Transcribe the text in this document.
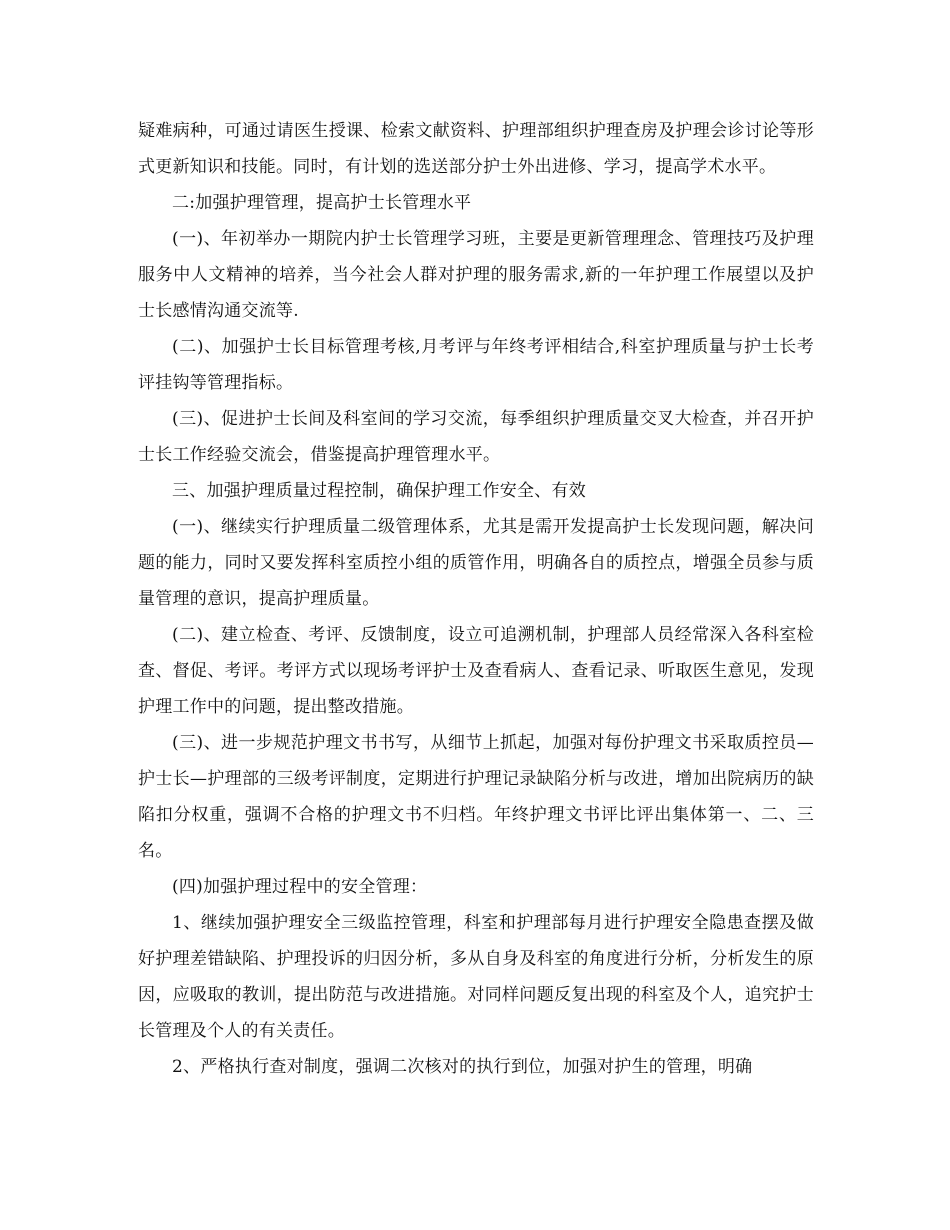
疑难病种，可通过请医生授课、检索文献资料、护理部组织护理查房及护理会诊讨论等形式更新知识和技能。同时，有计划的选送部分护士外出进修、学习，提高学术水平。

二:加强护理管理，提高护士长管理水平

(一)、年初举办一期院内护士长管理学习班，主要是更新管理理念、管理技巧及护理服务中人文精神的培养，当今社会人群对护理的服务需求,新的一年护理工作展望以及护士长感情沟通交流等.

(二)、加强护士长目标管理考核,月考评与年终考评相结合,科室护理质量与护士长考评挂钩等管理指标。

(三)、促进护士长间及科室间的学习交流，每季组织护理质量交叉大检查，并召开护士长工作经验交流会，借鉴提高护理管理水平。

三、加强护理质量过程控制，确保护理工作安全、有效

(一)、继续实行护理质量二级管理体系，尤其是需开发提高护士长发现问题，解决问题的能力，同时又要发挥科室质控小组的质管作用，明确各自的质控点，增强全员参与质量管理的意识，提高护理质量。

(二)、建立检查、考评、反馈制度，设立可追溯机制，护理部人员经常深入各科室检查、督促、考评。考评方式以现场考评护士及查看病人、查看记录、听取医生意见，发现护理工作中的问题，提出整改措施。

(三)、进一步规范护理文书书写，从细节上抓起，加强对每份护理文书采取质控员—护士长—护理部的三级考评制度，定期进行护理记录缺陷分析与改进，增加出院病历的缺陷扣分权重，强调不合格的护理文书不归档。年终护理文书评比评出集体第一、二、三名。

(四)加强护理过程中的安全管理：

1、继续加强护理安全三级监控管理，科室和护理部每月进行护理安全隐患查摆及做好护理差错缺陷、护理投诉的归因分析，多从自身及科室的角度进行分析，分析发生的原因，应吸取的教训，提出防范与改进措施。对同样问题反复出现的科室及个人，追究护士长管理及个人的有关责任。

2、严格执行查对制度，强调二次核对的执行到位，加强对护生的管理，明确
